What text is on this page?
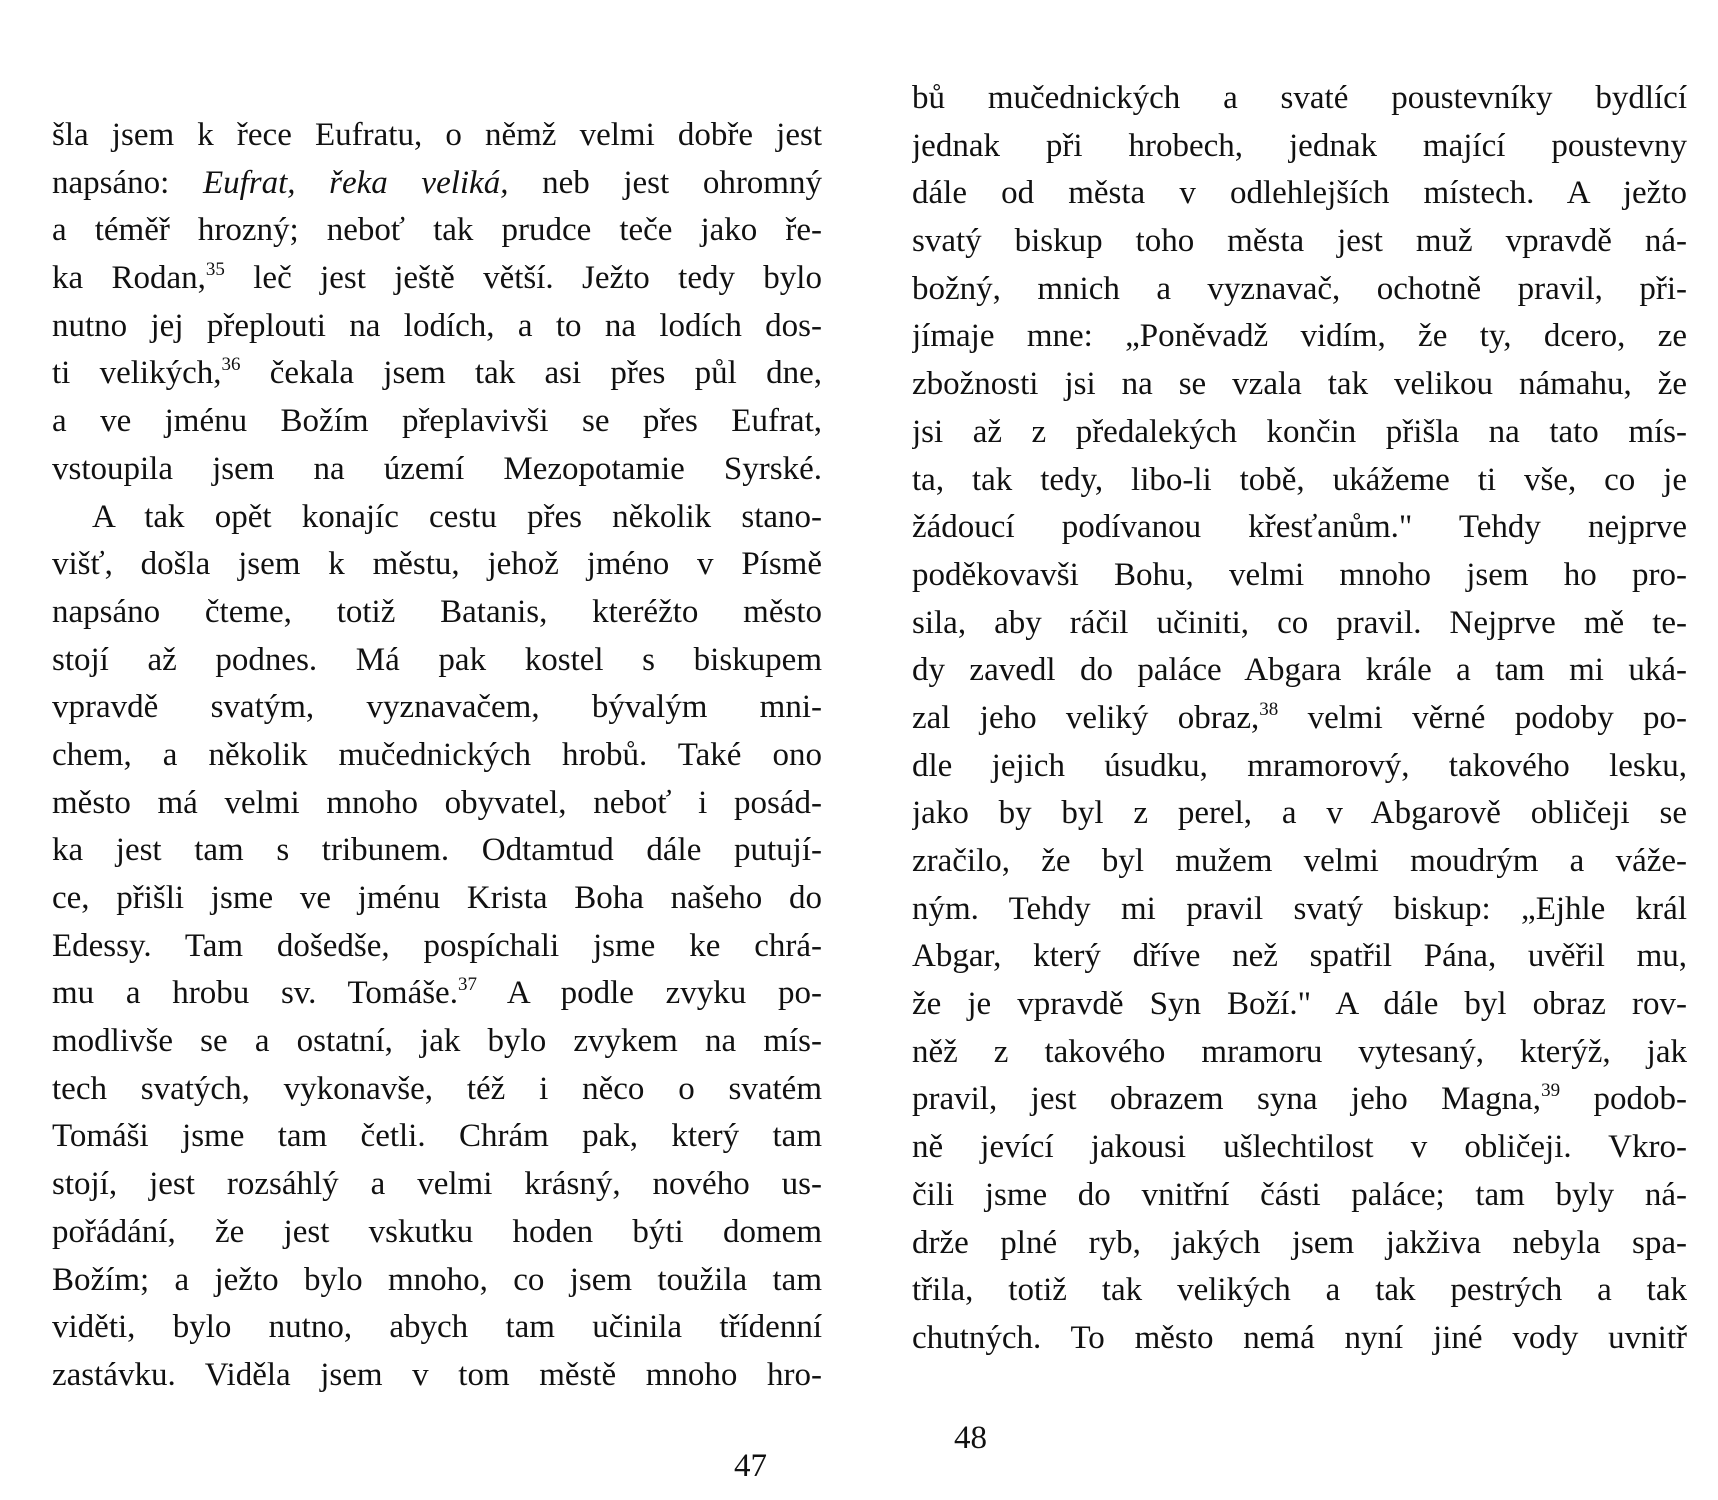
šla jsem k řece Eufratu, o němž velmi dobře jest
napsáno: Eufrat, řeka veliká, neb jest ohromný
a téměř hrozný; neboť tak prudce teče jako ře-
ka Rodan,$^{35}$ leč jest ještě větší. Ježto tedy bylo
nutno jej přeplouti na lodích, a to na lodích dos-
ti velikých,$^{36}$ čekala jsem tak asi přes půl dne,
a ve jménu Božím přeplavivši se přes Eufrat,
vstoupila jsem na území Mezopotamie Syrské.
A tak opět konajíc cestu přes několik stano-
višť, došla jsem k městu, jehož jméno v Písmě
napsáno čteme, totiž Batanis, kteréžto město
stojí až podnes. Má pak kostel s biskupem
vpravdě svatým, vyznavačem, bývalým mni-
chem, a několik mučednických hrobů. Také ono
město má velmi mnoho obyvatel, neboť i posád-
ka jest tam s tribunem. Odtamtud dále putují-
ce, přišli jsme ve jménu Krista Boha našeho do
Edessy. Tam došedše, pospíchali jsme ke chrá-
mu a hrobu sv. Tomáše.$^{37}$ A podle zvyku po-
modlivše se a ostatní, jak bylo zvykem na mís-
tech svatých, vykonavše, též i něco o svatém
Tomáši jsme tam četli. Chrám pak, který tam
stojí, jest rozsáhlý a velmi krásný, nového us-
pořádání, že jest vskutku hoden býti domem
Božím; a ježto bylo mnoho, co jsem toužila tam
viděti, bylo nutno, abych tam učinila třídenní
zastávku. Viděla jsem v tom městě mnoho hro-
47
bů mučednických a svaté poustevníky bydlící
jednak při hrobech, jednak mající poustevny
dále od města v odlehlejších místech. A ježto
svatý biskup toho města jest muž vpravdě ná-
božný, mnich a vyznavač, ochotně pravil, při-
jímaje mne: „Poněvadž vidím, že ty, dcero, ze
zbožnosti jsi na se vzala tak velikou námahu, že
jsi až z předalekých končin přišla na tato mís-
ta, tak tedy, libo-li tobě, ukážeme ti vše, co je
žádoucí podívanou křesťanům." Tehdy nejprve
poděkovavši Bohu, velmi mnoho jsem ho pro-
sila, aby ráčil učiniti, co pravil. Nejprve mě te-
dy zavedl do paláce Abgara krále a tam mi uká-
zal jeho veliký obraz,$^{38}$ velmi věrné podoby po-
dle jejich úsudku, mramorový, takového lesku,
jako by byl z perel, a v Abgarově obličeji se
zračilo, že byl mužem velmi moudrým a váže-
ným. Tehdy mi pravil svatý biskup: „Ejhle král
Abgar, který dříve než spatřil Pána, uvěřil mu,
že je vpravdě Syn Boží." A dále byl obraz rov-
něž z takového mramoru vytesaný, kterýž, jak
pravil, jest obrazem syna jeho Magna,$^{39}$ podob-
ně jevící jakousi ušlechtilost v obličeji. Vkro-
čili jsme do vnitřní části paláce; tam byly ná-
drže plné ryb, jakých jsem jakživa nebyla spa-
třila, totiž tak velikých a tak pestrých a tak
chutných. To město nemá nyní jiné vody uvnitř
48
